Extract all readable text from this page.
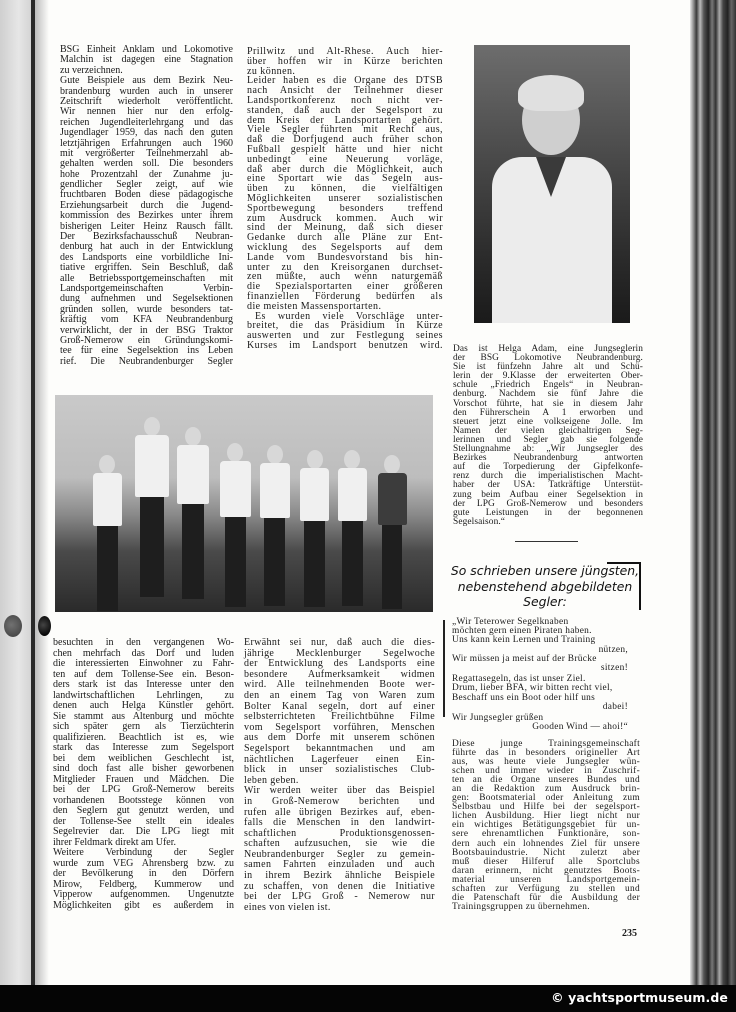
BSG Einheit Anklam und Lokomotive
Malchin ist dagegen eine Stagnation
zu verzeichnen.
Gute Beispiele aus dem Bezirk Neu-
brandenburg wurden auch in unserer
Zeitschrift wiederholt veröffentlicht.
Wir nennen hier nur den erfolg-
reichen Jugendleiterlehrgang und das
Jugendlager 1959, das nach den guten
letztjährigen Erfahrungen auch 1960
mit vergrößerter Teilnehmerzahl ab-
gehalten werden soll. Die besonders
hohe Prozentzahl der Zunahme ju-
gendlicher Segler zeigt, auf wie
fruchtbaren Boden diese pädagogische
Erziehungsarbeit durch die Jugend-
kommission des Bezirkes unter ihrem
bisherigen Leiter Heinz Rausch fällt.
Der Bezirksfachausschuß Neubran-
denburg hat auch in der Entwicklung
des Landsports eine vorbildliche Ini-
tiative ergriffen. Sein Beschluß, daß
alle Betriebssportgemeinschaften mit
Landsportgemeinschaften Verbin-
dung aufnehmen und Segelsektionen
gründen sollen, wurde besonders tat-
kräftig vom KFA Neubrandenburg
verwirklicht, der in der BSG Traktor
Groß-Nemerow ein Gründungskomi-
tee für eine Segelsektion ins Leben
rief. Die Neubrandenburger Segler
Prillwitz und Alt-Rhese. Auch hier-
über hoffen wir in Kürze berichten
zu können.
Leider haben es die Organe des DTSB
nach Ansicht der Teilnehmer dieser
Landsportkonferenz noch nicht ver-
standen, daß auch der Segelsport zu
dem Kreis der Landsportarten gehört.
Viele Segler führten mit Recht aus,
daß die Dorfjugend auch früher schon
Fußball gespielt hätte und hier nicht
unbedingt eine Neuerung vorläge,
daß aber durch die Möglichkeit, auch
eine Sportart wie das Segeln aus-
üben zu können, die vielfältigen
Möglichkeiten unserer sozialistischen
Sportbewegung besonders treffend
zum Ausdruck kommen. Auch wir
sind der Meinung, daß sich dieser
Gedanke durch alle Pläne zur Ent-
wicklung des Segelsports auf dem
Lande vom Bundesvorstand bis hin-
unter zu den Kreisorganen durchset-
zen müßte, auch wenn naturgemäß
die Spezialsportarten einer größeren
finanziellen Förderung bedürfen als
die meisten Massensportarten.
Es wurden viele Vorschläge unter-
breitet, die das Präsidium in Kürze
auswerten und zur Festlegung seines
Kurses im Landsport benutzen wird. Das ist Helga Adam, eine Jungseglerin
der BSG Lokomotive Neubrandenburg.
Sie ist fünfzehn Jahre alt und Schü-
lerin der 9.Klasse der erweiterten Ober-
schule „Friedrich Engels“ in Neubran-
denburg. Nachdem sie fünf Jahre die
Vorschot führte, hat sie in diesem Jahr
den Führerschein A 1 erworben und
steuert jetzt eine volkseigene Jolle. Im
Namen der vielen gleichaltrigen Seg-
lerinnen und Segler gab sie folgende
Stellungnahme ab: „Wir Jungsegler des
Bezirkes Neubrandenburg antworten
auf die Torpedierung der Gipfelkonfe-
renz durch die imperialistischen Macht-
haber der USA: Tatkräftige Unterstüt-
zung beim Aufbau einer Segelsektion in
der LPG Groß-Nemerow und besonders
gute Leistungen in der begonnenen
Segelsaison.“
So schrieben unsere jüngsten,
nebenstehend abgebildeten
Segler:
„Wir Teterower Segelknaben
möchten gern einen Piraten haben.
Uns kann kein Lernen und Training
nützen,
Wir müssen ja meist auf der Brücke
sitzen!
Regattasegeln, das ist unser Ziel.
Drum, lieber BFA, wir bitten recht viel,
Beschaff uns ein Boot oder hilf uns
dabei!
Wir Jungsegler grüßen
Gooden Wind — ahoi!“
besuchten in den vergangenen Wo-
chen mehrfach das Dorf und luden
die interessierten Einwohner zu Fahr-
ten auf dem Tollense-See ein. Beson-
ders stark ist das Interesse unter den
landwirtschaftlichen Lehrlingen, zu
denen auch Helga Künstler gehört.
Sie stammt aus Altenburg und möchte
sich später gern als Tierzüchterin
qualifizieren. Beachtlich ist es, wie
stark das Interesse zum Segelsport
bei dem weiblichen Geschlecht ist,
sind doch fast alle bisher geworbenen
Mitglieder Frauen und Mädchen. Die
bei der LPG Groß-Nemerow bereits
vorhandenen Bootsstege können von
den Seglern gut genutzt werden, und
der Tollense-See stellt ein ideales
Segelrevier dar. Die LPG liegt mit
ihrer Feldmark direkt am Ufer.
Weitere Verbindung der Segler
wurde zum VEG Ahrensberg bzw. zu
der Bevölkerung in den Dörfern
Mirow, Feldberg, Kummerow und
Vipperow aufgenommen. Ungenutzte
Möglichkeiten gibt es außerdem in
Erwähnt sei nur, daß auch die dies-
jährige Mecklenburger Segelwoche
der Entwicklung des Landsports eine
besondere Aufmerksamkeit widmen
wird. Alle teilnehmenden Boote wer-
den an einem Tag von Waren zum
Bolter Kanal segeln, dort auf einer
selbsterrichteten Freilichtbühne Filme
vom Segelsport vorführen, Menschen
aus dem Dorfe mit unserem schönen
Segelsport bekanntmachen und am
nächtlichen Lagerfeuer einen Ein-
blick in unser sozialistisches Club-
leben geben.
Wir werden weiter über das Beispiel
in Groß-Nemerow berichten und
rufen alle übrigen Bezirkes auf, eben-
falls die Menschen in den landwirt-
schaftlichen Produktionsgenossen-
schaften aufzusuchen, sie wie die
Neubrandenburger Segler zu gemein-
samen Fahrten einzuladen und auch
in ihrem Bezirk ähnliche Beispiele
zu schaffen, von denen die Initiative
bei der LPG Groß - Nemerow nur
eines von vielen ist.
Diese junge Trainingsgemeinschaft
führte das in besonders origineller Art
aus, was heute viele Jungsegler wün-
schen und immer wieder in Zuschrif-
ten an die Organe unseres Bundes und
an die Redaktion zum Ausdruck brin-
gen: Bootsmaterial oder Anleitung zum
Selbstbau und Hilfe bei der segelsport-
lichen Ausbildung. Hier liegt nicht nur
ein wichtiges Betätigungsgebiet für un-
sere ehrenamtlichen Funktionäre, son-
dern auch ein lohnendes Ziel für unsere
Bootsbauindustrie. Nicht zuletzt aber
muß dieser Hilferuf alle Sportclubs
daran erinnern, nicht genutztes Boots-
material unseren Landsportgemein-
schaften zur Verfügung zu stellen und
die Patenschaft für die Ausbildung der
Trainingsgruppen zu übernehmen.
235
© yachtsportmuseum.de
